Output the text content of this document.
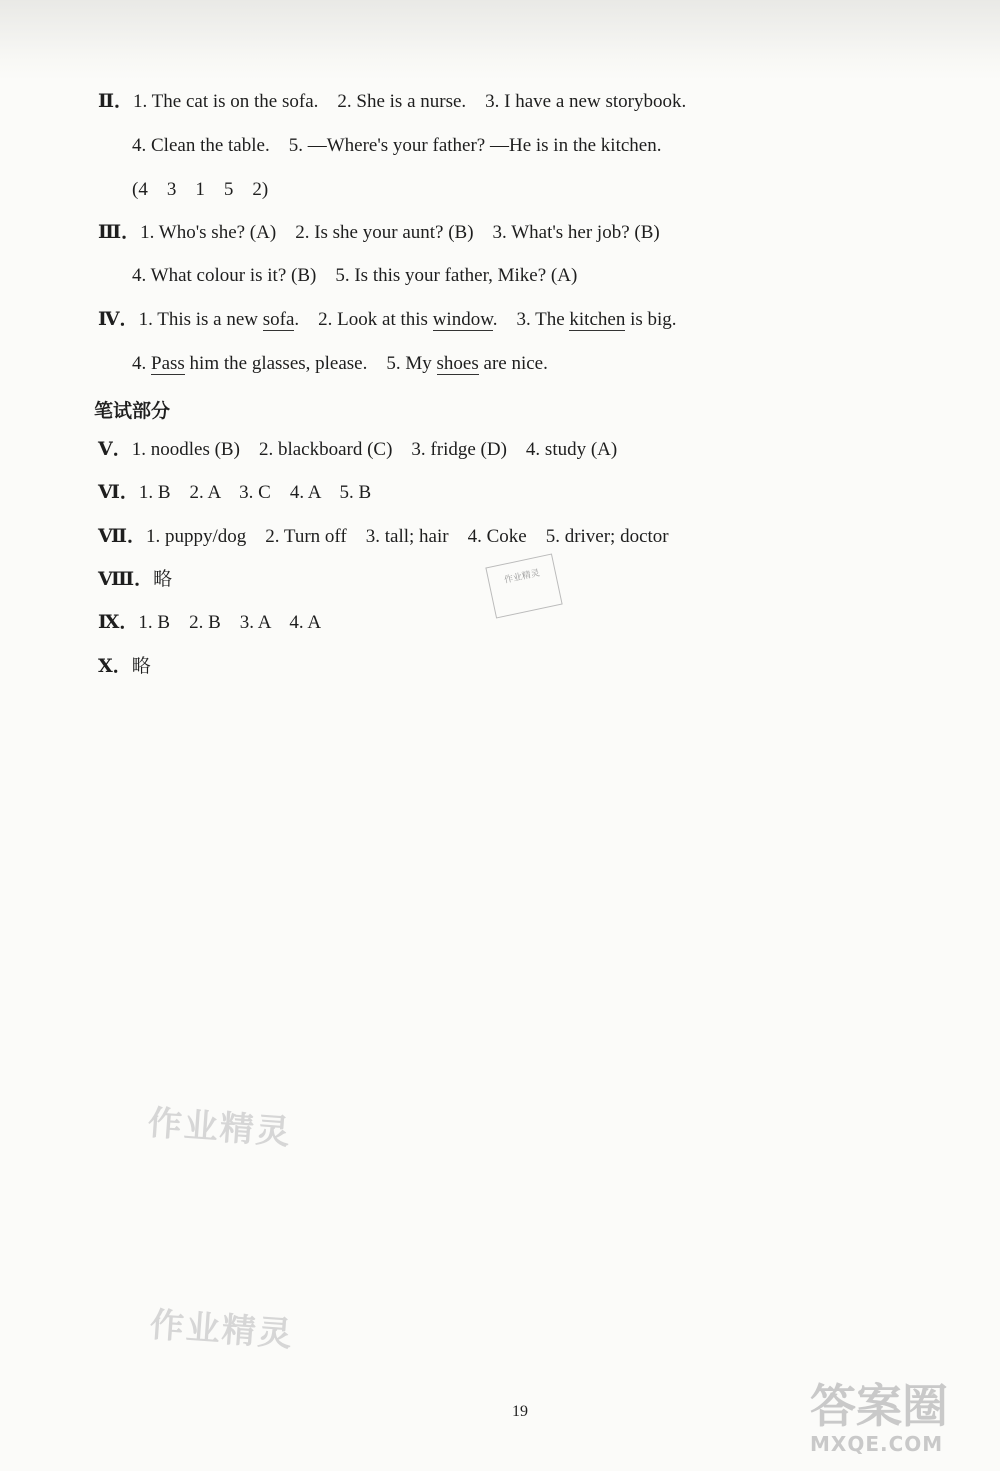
Ⅱ．1. The cat is on the sofa. 2. She is a nurse. 3. I have a new storybook.
4. Clean the table. 5. —Where's your father? —He is in the kitchen.
(4　3　1　5　2)
Ⅲ．1. Who's she? (A) 2. Is she your aunt? (B) 3. What's her job? (B)
4. What colour is it? (B) 5. Is this your father, Mike? (A)
Ⅳ．1. This is a new sofa. 2. Look at this window. 3. The kitchen is big.
4. Pass him the glasses, please. 5. My shoes are nice.
笔试部分
Ⅴ．1. noodles (B) 2. blackboard (C) 3. fridge (D) 4. study (A)
Ⅵ．1. B　2. A　3. C　4. A　5. B
Ⅶ．1. puppy/dog　2. Turn off　3. tall; hair　4. Coke　5. driver; doctor
Ⅷ．略
Ⅸ．1. B　2. B　3. A　4. A
Ⅹ．略
作业精灵
作业精灵
作业精灵
19	答案圈
MXQE.COM
